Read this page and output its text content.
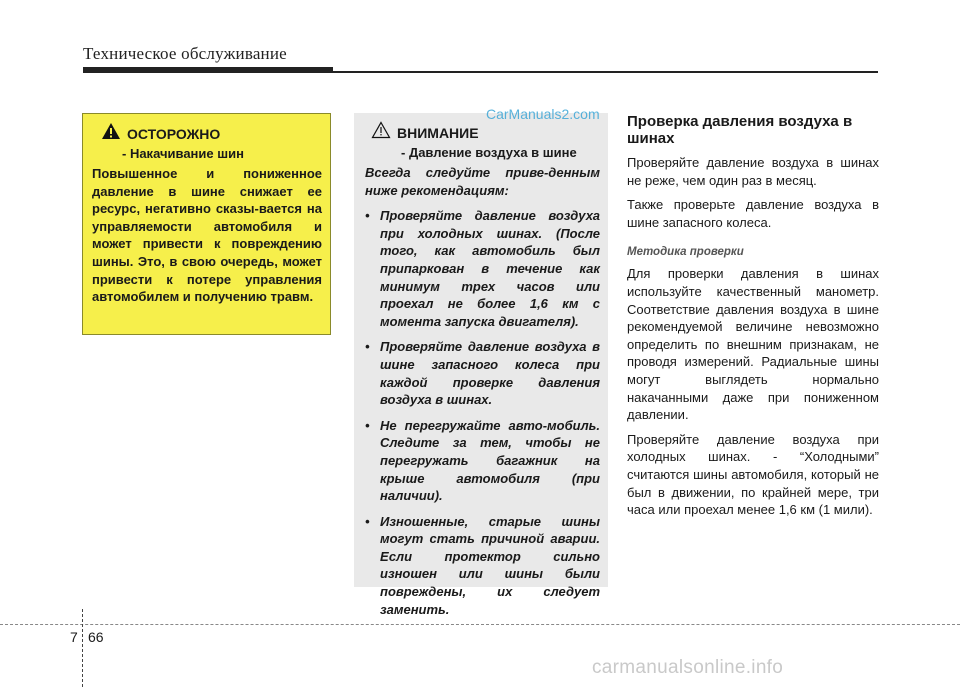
Техническое обслуживание
ОСТОРОЖНО
- Накачивание шин
Повышенное и пониженное давление в шине снижает ее ресурс, негативно сказы-вается на управляемости автомобиля и может привести к повреждению шины. Это, в свою очередь, может привести к потере управления автомобилем и получению травм.
ВНИМАНИЕ
- Давление воздуха в шине
Всегда следуйте приве-денным ниже рекомендациям:
• Проверяйте давление воздуха при холодных шинах. (После того, как автомобиль был припаркован в течение как минимум трех часов или проехал не более 1,6 км с момента запуска двигателя).
• Проверяйте давление воздуха в шине запасного колеса при каждой проверке давления воздуха в шинах.
• Не перегружайте авто-мобиль. Следите за тем, чтобы не перегружать багажник на крыше автомобиля (при наличии).
• Изношенные, старые шины могут стать причиной аварии. Если протектор сильно изношен или шины были повреждены, их следует заменить.
Проверка давления воздуха в шинах

Проверяйте давление воздуха в шинах не реже, чем один раз в месяц.

Также проверьте давление воздуха в шине запасного колеса.

Методика проверки

Для проверки давления в шинах используйте качественный манометр. Соответствие давления воздуха в шине рекомендуемой величине невозможно определить по внешним признакам, не проводя измерений. Радиальные шины могут выглядеть нормально накачанными даже при пониженном давлении.

Проверяйте давление воздуха при холодных шинах. - “Холодными” считаются шины автомобиля, который не был в движении, по крайней мере, три часа или проехал менее 1,6 км (1 мили).

CarManuals2.com
carmanualsonline.info
7 66
